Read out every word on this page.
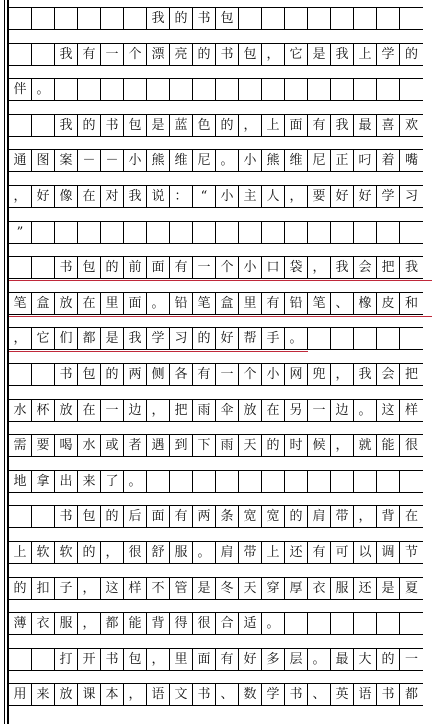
我 的 书 包
我 有 一 个 漂 亮 的 书 包 ， 它 是 我 上 学 的
伴 。
我 的 书 包 是 蓝 色 的 ， 上 面 有 我 最 喜 欢
通 图 案 － － 小 熊 维 尼 。 小 熊 维 尼 正 叼 着 嘴
， 好 像 在 对 我 说 ：	“	小 主 人 ， 要 好 好 学 习
”
书 包 的 前 面 有 一 个 小 口 袋 ， 我 会 把 我
笔 盒 放 在 里 面 。 铅 笔 盒 里 有 铅 笔 、 橡 皮 和
， 它 们 都 是 我 学 习 的 好 帮 手 。
书 包 的 两 侧 各 有 一 个 小 网 兜 ， 我 会 把
水 杯 放 在 一 边 ， 把 雨 伞 放 在 另 一 边 。 这 样
需 要 喝 水 或 者 遇 到 下 雨 天 的 时 候 ， 就 能 很
地 拿 出 来 了 。
书 包 的 后 面 有 两 条 宽 宽 的 肩 带 ， 背 在
上 软 软 的 ， 很 舒 服 。 肩 带 上 还 有 可 以 调 节
的 扣 子 ， 这 样 不 管 是 冬 天 穿 厚 衣 服 还 是 夏
薄 衣 服 ， 都 能 背 得 很 合 适 。
打 开 书 包 ， 里 面 有 好 多 层 。 最 大 的 一
用 来 放 课 本 ， 语 文 书 、 数 学 书 、 英 语 书 都
